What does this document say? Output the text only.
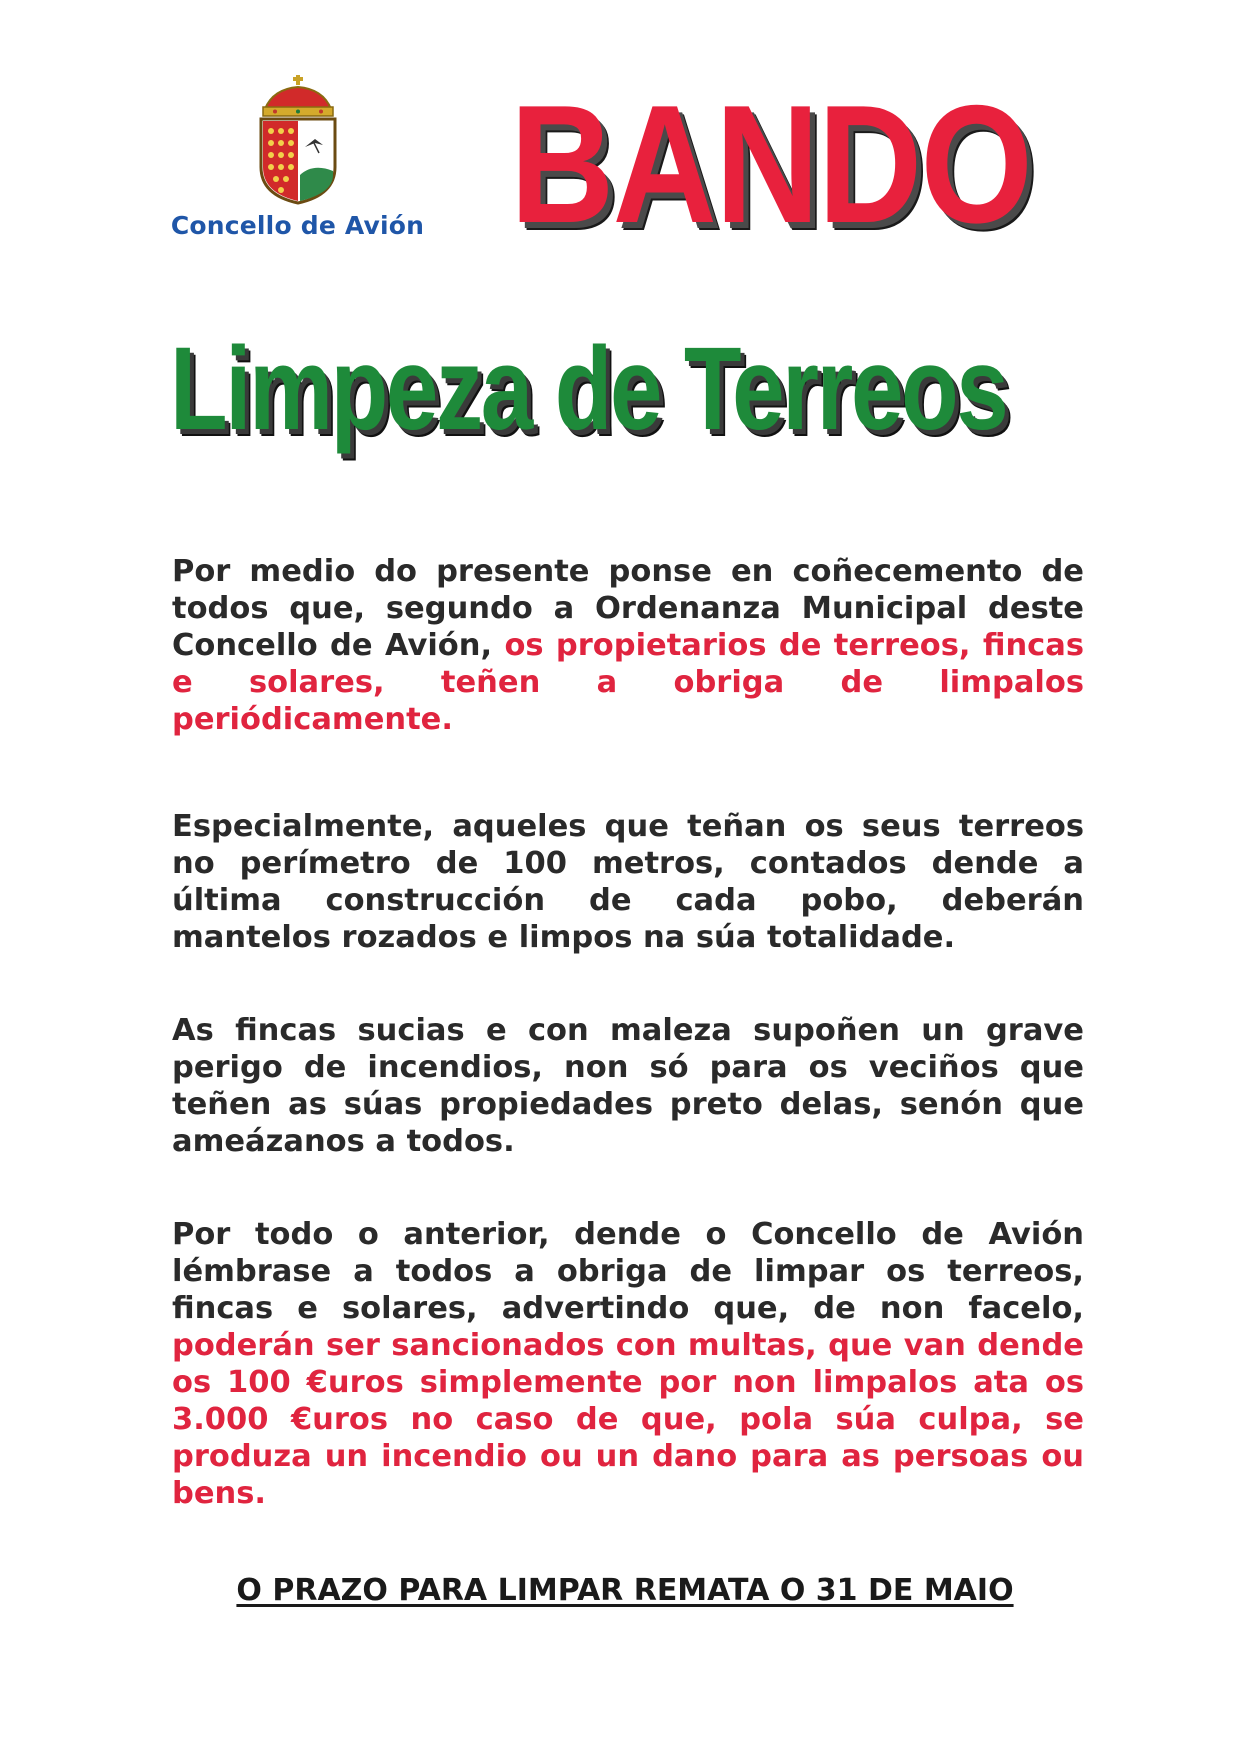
Concello de Avión BANDO
Limpeza de Terreos

Por medio do presente ponse en coñecemento de todos que, segundo a Ordenanza Municipal deste Concello de Avión, os propietarios de terreos, fincas e solares, teñen a obriga de limpalos periódicamente.

Especialmente, aqueles que teñan os seus terreos no perímetro de 100 metros, contados dende a última construcción de cada pobo, deberán mantelos rozados e limpos na súa totalidade.

As fincas sucias e con maleza supoñen un grave perigo de incendios, non só para os veciños que teñen as súas propiedades preto delas, senón que ameázanos a todos.

Por todo o anterior, dende o Concello de Avión lémbrase a todos a obriga de limpar os terreos, fincas e solares, advertindo que, de non facelo, poderán ser sancionados con multas, que van dende os 100 €uros simplemente por non limpalos ata os 3.000 €uros no caso de que, pola súa culpa, se produza un incendio ou un dano para as persoas ou bens.

O PRAZO PARA LIMPAR REMATA O 31 DE MAIO
